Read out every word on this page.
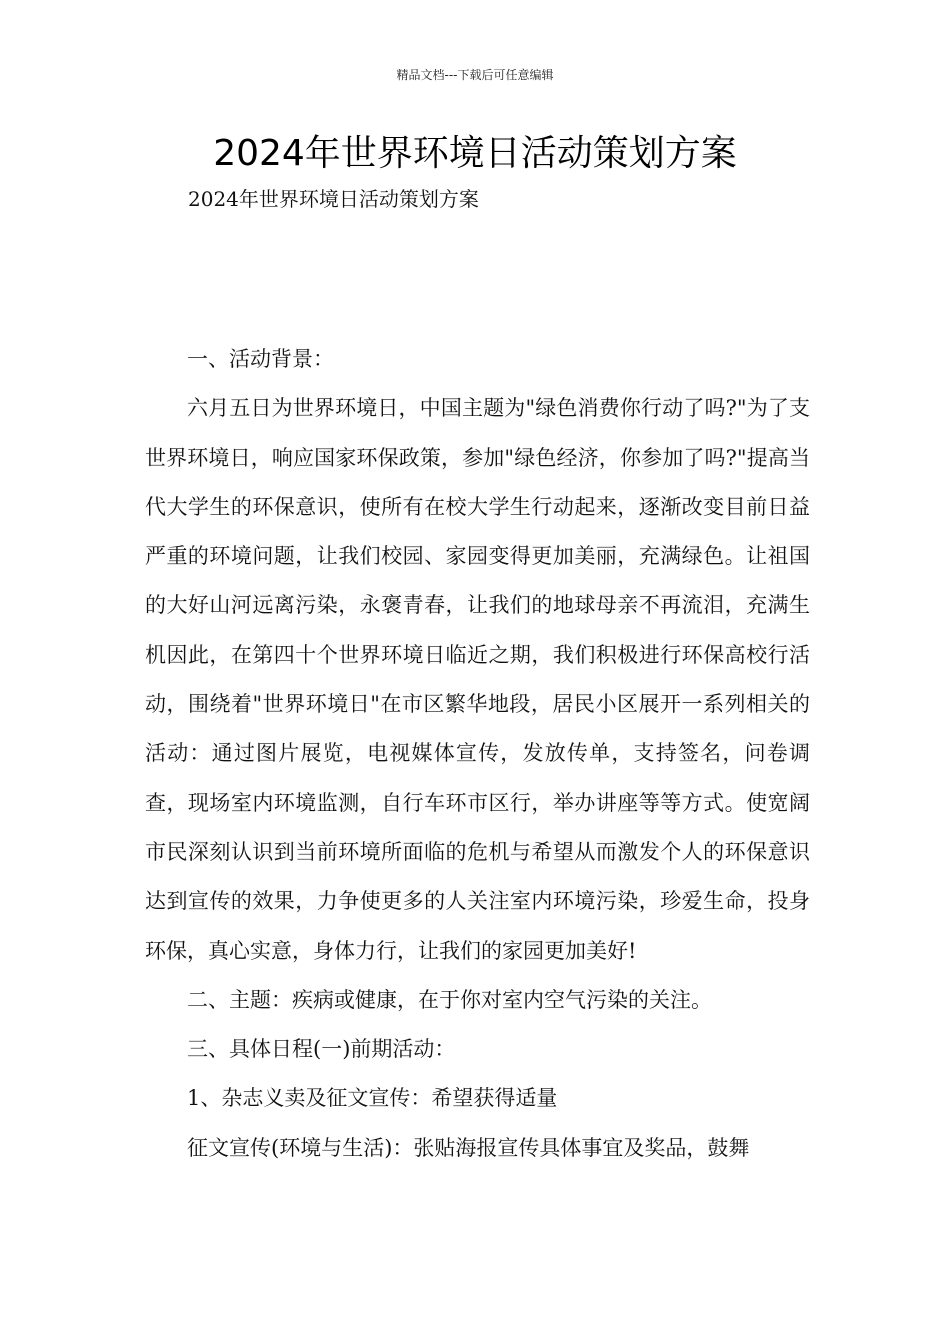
精品文档---下载后可任意编辑
2024年世界环境日活动策划方案

2024年世界环境日活动策划方案

一、活动背景：

六月五日为世界环境日，中国主题为"绿色消费你行动了吗?"为了支世界环境日，响应国家环保政策，参加"绿色经济，你参加了吗?"提高当代大学生的环保意识，使所有在校大学生行动起来，逐渐改变目前日益严重的环境问题，让我们校园、家园变得更加美丽，充满绿色。让祖国的大好山河远离污染，永褒青春，让我们的地球母亲不再流泪，充满生机因此，在第四十个世界环境日临近之期，我们积极进行环保高校行活动，围绕着"世界环境日"在市区繁华地段，居民小区展开一系列相关的活动：通过图片展览，电视媒体宣传，发放传单，支持签名，问卷调查，现场室内环境监测，自行车环市区行，举办讲座等等方式。使宽阔市民深刻认识到当前环境所面临的危机与希望从而激发个人的环保意识达到宣传的效果，力争使更多的人关注室内环境污染，珍爱生命，投身环保，真心实意，身体力行，让我们的家园更加美好!

二、主题：疾病或健康，在于你对室内空气污染的关注。

三、具体日程(一)前期活动：

1、杂志义卖及征文宣传：希望获得适量

征文宣传(环境与生活)：张贴海报宣传具体事宜及奖品，鼓舞
